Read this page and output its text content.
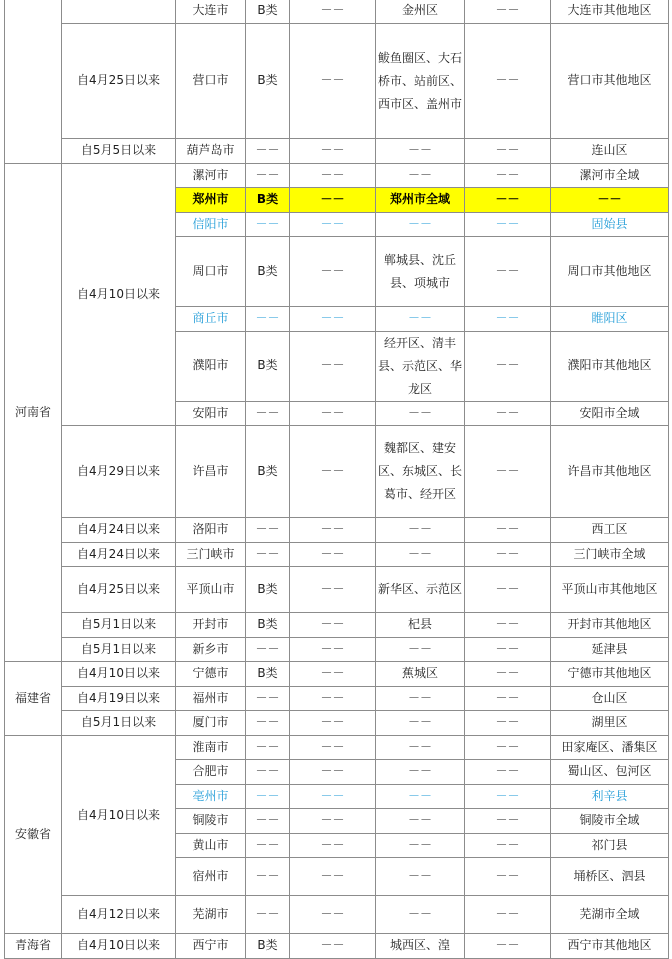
		大连市	B类	－－	金州区	－－	大连市其他地区
	自4月25日以来	营口市	B类	－－	鲅鱼圈区、大石桥市、站前区、西市区、盖州市	－－	营口市其他地区
	自5月5日以来	葫芦岛市	－－	－－	－－	－－	连山区
河南省	自4月10日以来	漯河市	－－	－－	－－	－－	漯河市全域
		郑州市	B类	－－	郑州市全域	－－	－－
		信阳市	－－	－－	－－	－－	固始县
		周口市	B类	－－	郸城县、沈丘县、项城市	－－	周口市其他地区
		商丘市	－－	－－	－－	－－	睢阳区
		濮阳市	B类	－－	经开区、清丰县、示范区、华龙区	－－	濮阳市其他地区
		安阳市	－－	－－	－－	－－	安阳市全域
	自4月29日以来	许昌市	B类	－－	魏都区、建安区、东城区、长葛市、经开区	－－	许昌市其他地区
	自4月24日以来	洛阳市	－－	－－	－－	－－	西工区
	自4月24日以来	三门峡市	－－	－－	－－	－－	三门峡市全域
	自4月25日以来	平顶山市	B类	－－	新华区、示范区	－－	平顶山市其他地区
	自5月1日以来	开封市	B类	－－	杞县	－－	开封市其他地区
	自5月1日以来	新乡市	－－	－－	－－	－－	延津县
福建省	自4月10日以来	宁德市	B类	－－	蕉城区	－－	宁德市其他地区
	自4月19日以来	福州市	－－	－－	－－	－－	仓山区
	自5月1日以来	厦门市	－－	－－	－－	－－	湖里区
安徽省	自4月10日以来	淮南市	－－	－－	－－	－－	田家庵区、潘集区
		合肥市	－－	－－	－－	－－	蜀山区、包河区
		亳州市	－－	－－	－－	－－	利辛县
		铜陵市	－－	－－	－－	－－	铜陵市全域
		黄山市	－－	－－	－－	－－	祁门县
		宿州市	－－	－－	－－	－－	埇桥区、泗县
	自4月12日以来	芜湖市	－－	－－	－－	－－	芜湖市全域
青海省	自4月10日以来	西宁市	B类	－－	城西区、湟	－－	西宁市其他地区
